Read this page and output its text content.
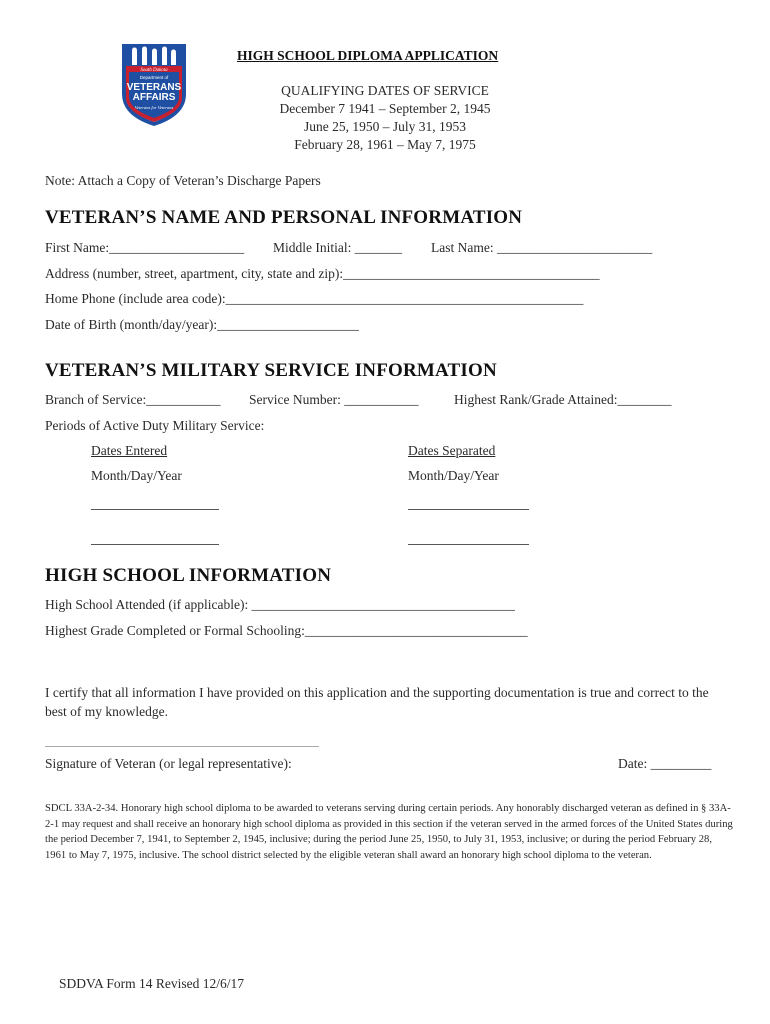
South Dakota
Department of
VETERANS
AFFAIRS
Veterans for Veterans
HIGH SCHOOL DIPLOMA APPLICATION
QUALIFYING DATES OF SERVICE
December 7 1941 – September 2, 1945
June 25, 1950 – July 31, 1953
February 28, 1961 – May 7, 1975
Note: Attach a Copy of Veteran’s Discharge Papers
VETERAN’S NAME AND PERSONAL INFORMATION
First Name:____________________ Middle Initial: _______ Last Name: _______________________
Address (number, street, apartment, city, state and zip):______________________________________
Home Phone (include area code):_____________________________________________________
Date of Birth (month/day/year):_____________________
VETERAN’S MILITARY SERVICE INFORMATION
Branch of Service:___________ Service Number: ___________	Highest Rank/Grade Attained:________
Periods of Active Duty Military Service:
Dates Entered	Dates Separated
Month/Day/Year	Month/Day/Year
HIGH SCHOOL INFORMATION
High School Attended (if applicable): _______________________________________
Highest Grade Completed or Formal Schooling:_________________________________
I certify that all information I have provided on this application and the supporting documentation is true and correct to the best of my knowledge.
Signature of Veteran (or legal representative):	Date: _________
SDCL 33A-2-34. Honorary high school diploma to be awarded to veterans serving during certain periods. Any honorably discharged veteran as defined in § 33A-2-1 may request and shall receive an honorary high school diploma as provided in this section if the veteran served in the armed forces of the United States during the period December 7, 1941, to September 2, 1945, inclusive; during the period June 25, 1950, to July 31, 1953, inclusive; or during the period February 28, 1961 to May 7, 1975, inclusive. The school district selected by the eligible veteran shall award an honorary high school diploma to the veteran.
SDDVA Form 14 Revised 12/6/17
